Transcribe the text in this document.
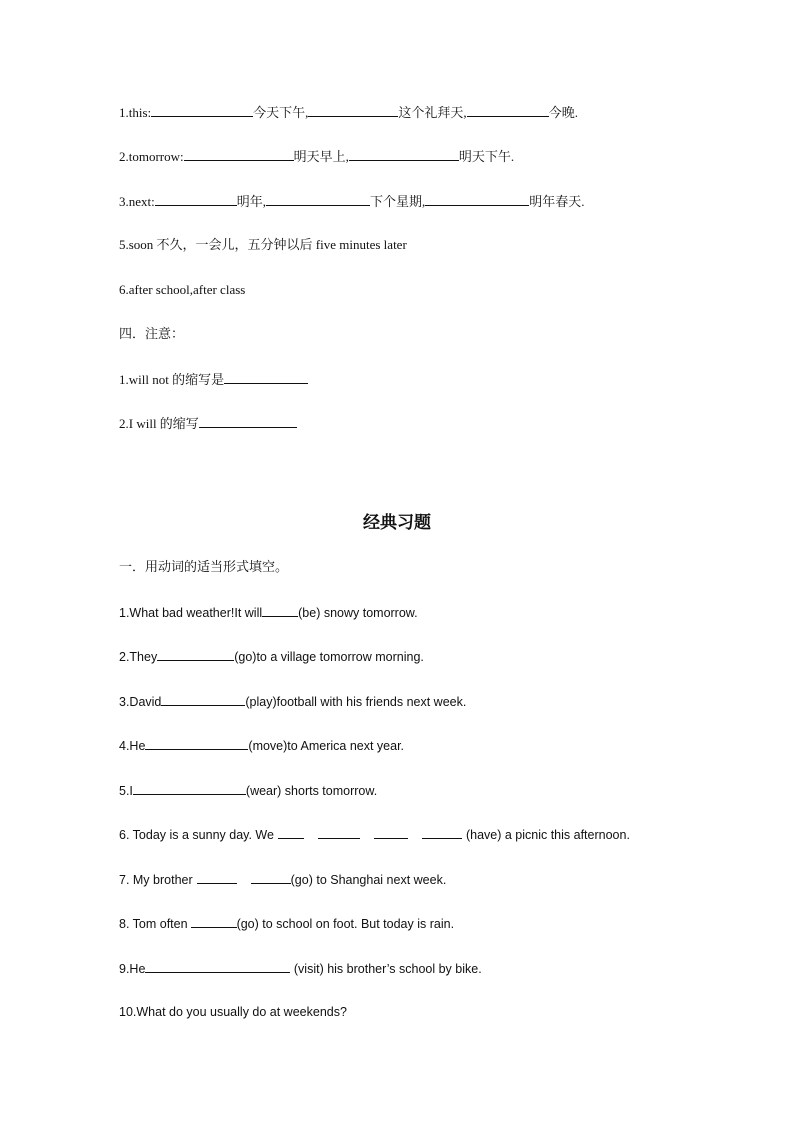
1.this:	今天下午,	这个礼拜天,	今晚.
2.tomorrow:	明天早上,	明天下午.
3.next:	明年,	下个星期,	明年春天.
5.soon 不久，一会儿，五分钟以后 five minutes later
6.after school,after class
四．注意：
1.will not 的缩写是
2.I will 的缩写
经典习题
一．用动词的适当形式填空。
1.What bad weather!It will	(be) snowy tomorrow.
2.They	(go)to a village tomorrow morning.
3.David	(play)football with his friends next week.
4.He	(move)to America next year.
5.I	(wear) shorts tomorrow.
6. Today is a sunny day. We	(have) a picnic this afternoon.
7. My brother	(go) to Shanghai next week.
8. Tom often	(go) to school on foot. But today is rain.
9.He	(visit) his brother’s school by bike.
10.What do you usually do at weekends?
